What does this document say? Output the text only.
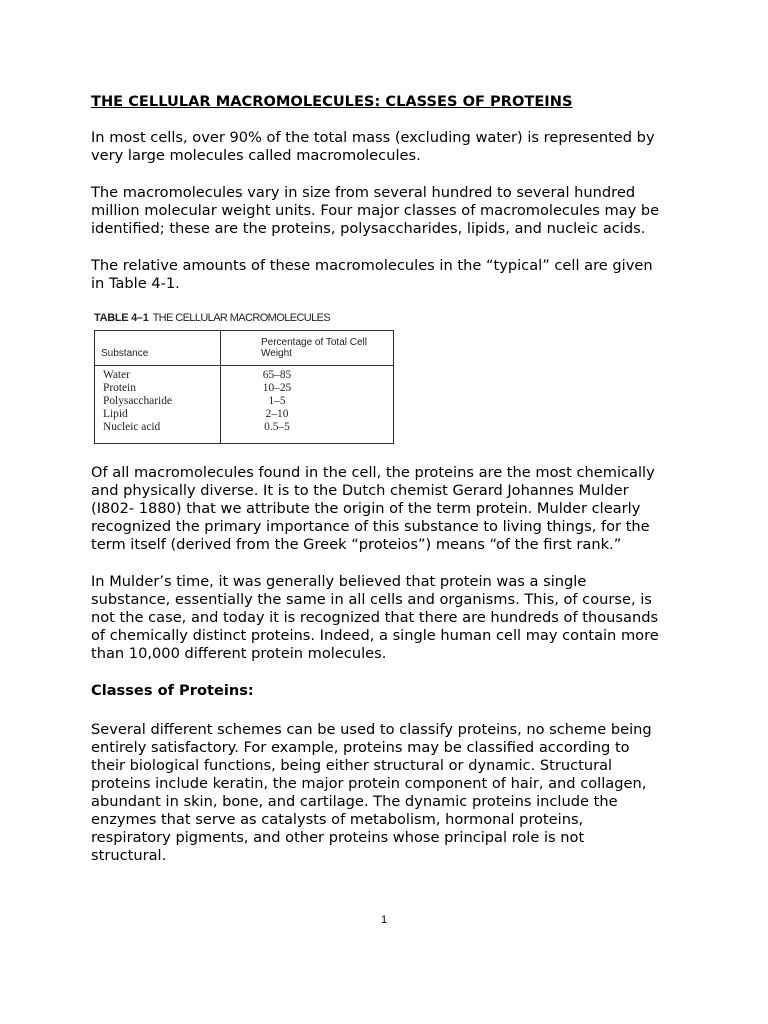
THE CELLULAR MACROMOLECULES: CLASSES OF PROTEINS

In most cells, over 90% of the total mass (excluding water) is represented by

very large molecules called macromolecules.

The macromolecules vary in size from several hundred to several hundred

million molecular weight units. Four major classes of macromolecules may be

identified; these are the proteins, polysaccharides, lipids, and nucleic acids.

The relative amounts of these macromolecules in the “typical” cell are given

in Table 4-1.

TABLE 4–1 THE CELLULAR MACROMOLECULES
Substance
Percentage of Total Cell Weight
Water
Protein
Polysaccharide
Lipid
Nucleic acid
65–85
10–25
1–5
2–10
0.5–5

Of all macromolecules found in the cell, the proteins are the most chemically

and physically diverse. It is to the Dutch chemist Gerard Johannes Mulder

(I802- 1880) that we attribute the origin of the term protein. Mulder clearly

recognized the primary importance of this substance to living things, for the

term itself (derived from the Greek “proteios”) means “of the first rank.”

In Mulder’s time, it was generally believed that protein was a single

substance, essentially the same in all cells and organisms. This, of course, is

not the case, and today it is recognized that there are hundreds of thousands

of chemically distinct proteins. Indeed, a single human cell may contain more

than 10,000 different protein molecules.

Classes of Proteins:

Several different schemes can be used to classify proteins, no scheme being

entirely satisfactory. For example, proteins may be classified according to

their biological functions, being either structural or dynamic. Structural

proteins include keratin, the major protein component of hair, and collagen,

abundant in skin, bone, and cartilage. The dynamic proteins include the

enzymes that serve as catalysts of metabolism, hormonal proteins,

respiratory pigments, and other proteins whose principal role is not

structural.

1
